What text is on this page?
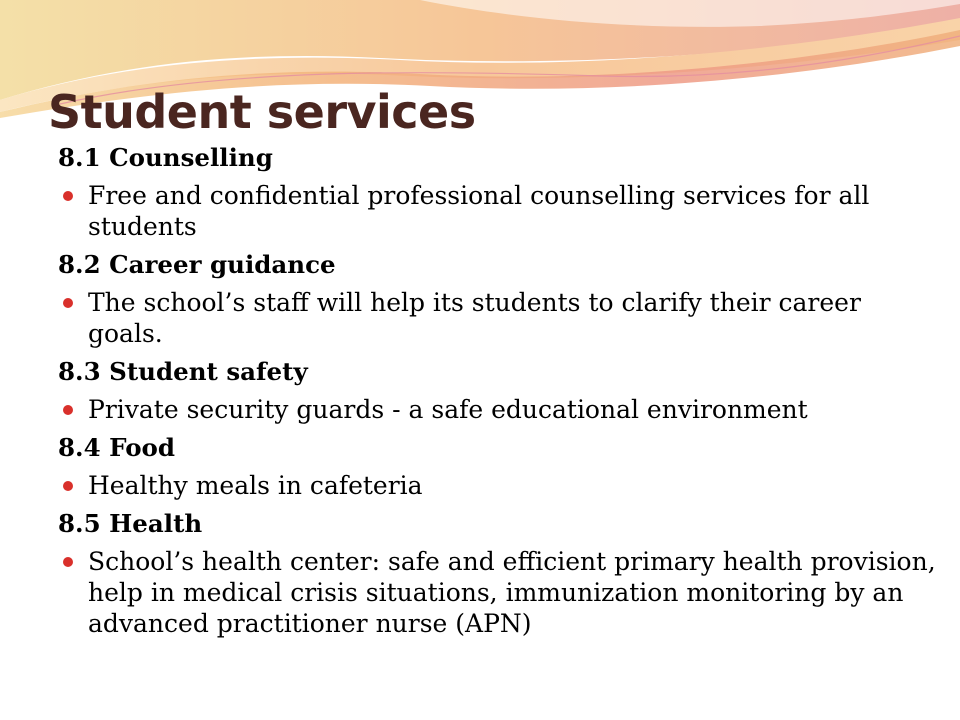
Student services
8.1 Counselling
Free and confidential professional counselling services for all students
8.2 Career guidance
The school’s staff will help its students to clarify their career goals.
8.3 Student safety
Private security guards - a safe educational environment
8.4 Food
Healthy meals in cafeteria
8.5 Health
School’s health center: safe and efficient primary health provision, help in medical crisis situations, immunization monitoring by an advanced practitioner nurse (APN)
